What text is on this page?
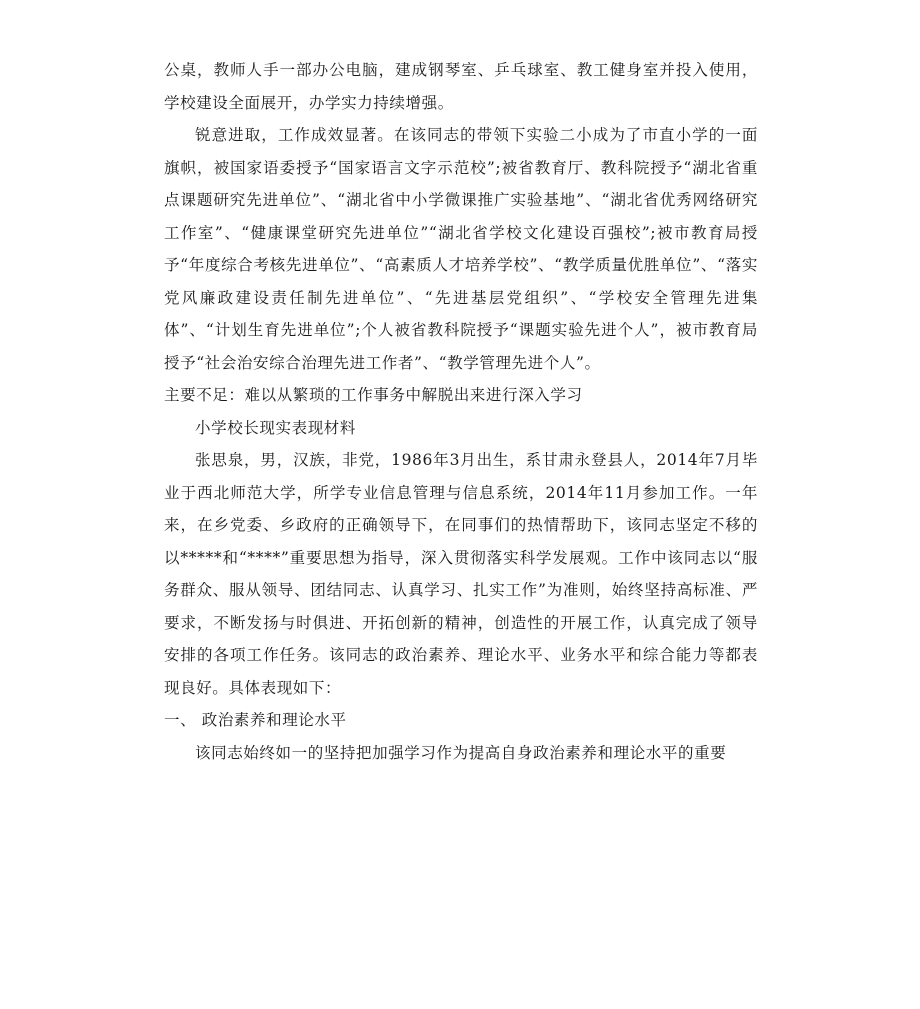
公桌，教师人手一部办公电脑，建成钢琴室、乒乓球室、教工健身室并投入使用，学校建设全面展开，办学实力持续增强。

锐意进取，工作成效显著。在该同志的带领下实验二小成为了市直小学的一面旗帜，被国家语委授予“国家语言文字示范校”;被省教育厅、教科院授予“湖北省重点课题研究先进单位”、“湖北省中小学微课推广实验基地”、“湖北省优秀网络研究工作室”、“健康课堂研究先进单位”“湖北省学校文化建设百强校”;被市教育局授予“年度综合考核先进单位”、“高素质人才培养学校”、“教学质量优胜单位”、“落实党风廉政建设责任制先进单位”、“先进基层党组织”、“学校安全管理先进集体”、“计划生育先进单位”;个人被省教科院授予“课题实验先进个人”，被市教育局授予“社会治安综合治理先进工作者”、“教学管理先进个人”。

主要不足：难以从繁琐的工作事务中解脱出来进行深入学习

小学校长现实表现材料

张思泉，男，汉族，非党，1986年3月出生，系甘肃永登县人，2014年7月毕业于西北师范大学，所学专业信息管理与信息系统，2014年11月参加工作。一年来，在乡党委、乡政府的正确领导下，在同事们的热情帮助下，该同志坚定不移的以*****和“****”重要思想为指导，深入贯彻落实科学发展观。工作中该同志以“服务群众、服从领导、团结同志、认真学习、扎实工作”为准则，始终坚持高标准、严要求，不断发扬与时俱进、开拓创新的精神，创造性的开展工作，认真完成了领导安排的各项工作任务。该同志的政治素养、理论水平、业务水平和综合能力等都表现良好。具体表现如下：

一、 政治素养和理论水平

该同志始终如一的坚持把加强学习作为提高自身政治素养和理论水平的重要
